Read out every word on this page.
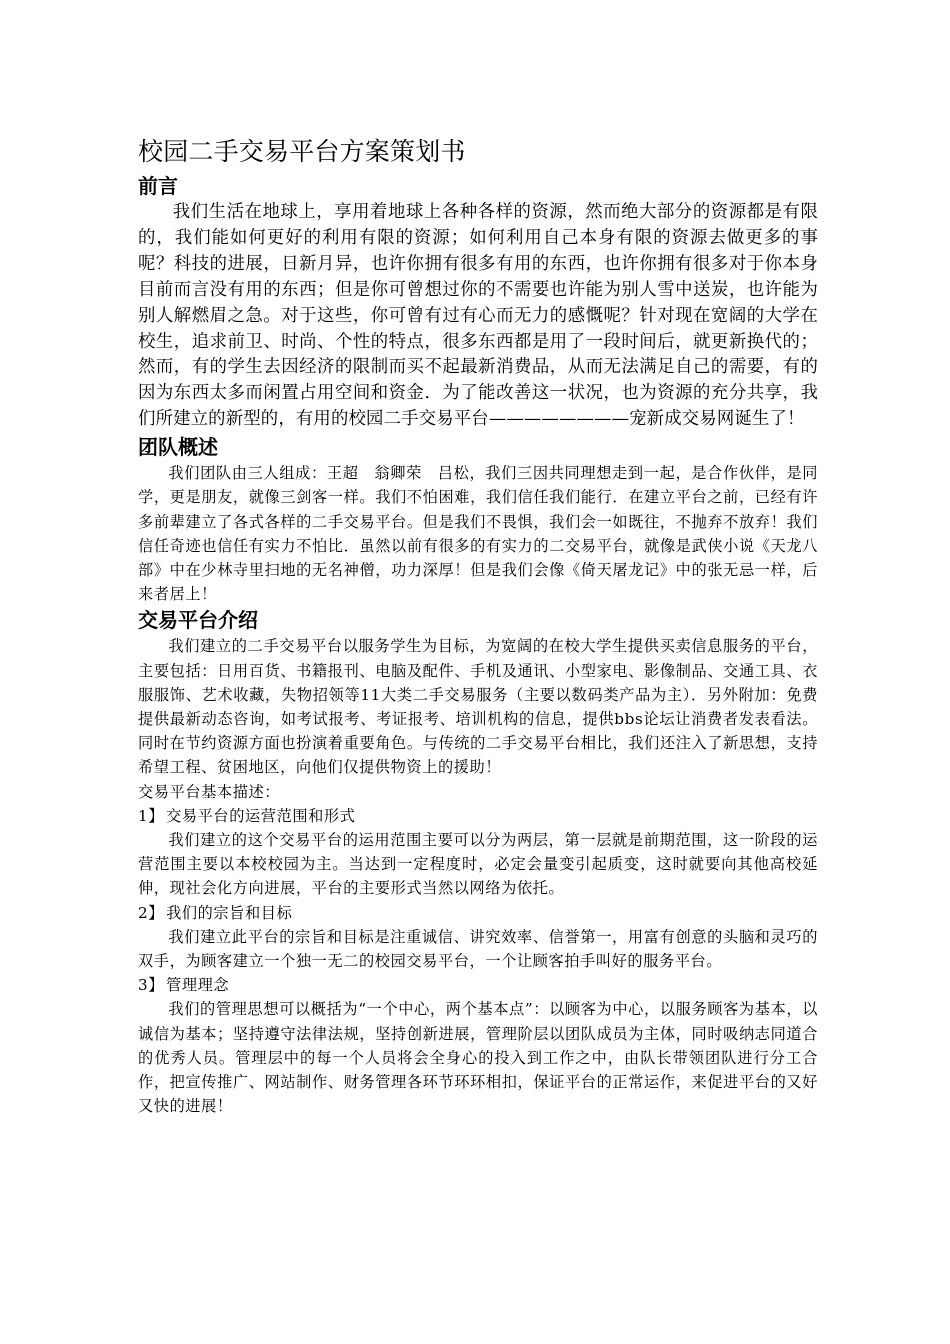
校园二手交易平台方案策划书
前言

我们生活在地球上，享用着地球上各种各样的资源，然而绝大部分的资源都是有限的，我们能如何更好的利用有限的资源；如何利用自己本身有限的资源去做更多的事呢？科技的进展，日新月异，也许你拥有很多有用的东西，也许你拥有很多对于你本身目前而言没有用的东西；但是你可曾想过你的不需要也许能为别人雪中送炭，也许能为别人解燃眉之急。对于这些，你可曾有过有心而无力的感慨呢？针对现在宽阔的大学在校生，追求前卫、时尚、个性的特点，很多东西都是用了一段时间后，就更新换代的；然而，有的学生去因经济的限制而买不起最新消费品，从而无法满足自己的需要，有的因为东西太多而闲置占用空间和资金．为了能改善这一状况，也为资源的充分共享，我们所建立的新型的，有用的校园二手交易平台————————宠新成交易网诞生了！

团队概述

我们团队由三人组成：王超　翁卿荣　吕松，我们三因共同理想走到一起，是合作伙伴，是同学，更是朋友，就像三剑客一样。我们不怕困难，我们信任我们能行．在建立平台之前，已经有许多前辈建立了各式各样的二手交易平台。但是我们不畏惧，我们会一如既往，不抛弃不放弃！我们信任奇迹也信任有实力不怕比．虽然以前有很多的有实力的二交易平台，就像是武侠小说《天龙八部》中在少林寺里扫地的无名神僧，功力深厚！但是我们会像《倚天屠龙记》中的张无忌一样，后来者居上！

交易平台介绍

我们建立的二手交易平台以服务学生为目标，为宽阔的在校大学生提供买卖信息服务的平台，主要包括：日用百货、书籍报刊、电脑及配件、手机及通讯、小型家电、影像制品、交通工具、衣服服饰、艺术收藏，失物招领等11大类二手交易服务（主要以数码类产品为主）．另外附加：免费提供最新动态咨询，如考试报考、考证报考、培训机构的信息，提供bbs论坛让消费者发表看法。同时在节约资源方面也扮演着重要角色。与传统的二手交易平台相比，我们还注入了新思想，支持希望工程、贫困地区，向他们仅提供物资上的援助！

交易平台基本描述：

1】 交易平台的运营范围和形式

我们建立的这个交易平台的运用范围主要可以分为两层，第一层就是前期范围，这一阶段的运营范围主要以本校校园为主。当达到一定程度时，必定会量变引起质变，这时就要向其他高校延伸，现社会化方向进展，平台的主要形式当然以网络为依托。

2】 我们的宗旨和目标

我们建立此平台的宗旨和目标是注重诚信、讲究效率、信誉第一，用富有创意的头脑和灵巧的双手，为顾客建立一个独一无二的校园交易平台，一个让顾客拍手叫好的服务平台。

3】 管理理念

我们的管理思想可以概括为“一个中心，两个基本点”：以顾客为中心，以服务顾客为基本，以诚信为基本；坚持遵守法律法规，坚持创新进展，管理阶层以团队成员为主体，同时吸纳志同道合的优秀人员。管理层中的每一个人员将会全身心的投入到工作之中，由队长带领团队进行分工合作，把宣传推广、网站制作、财务管理各环节环环相扣，保证平台的正常运作，来促进平台的又好又快的进展！
